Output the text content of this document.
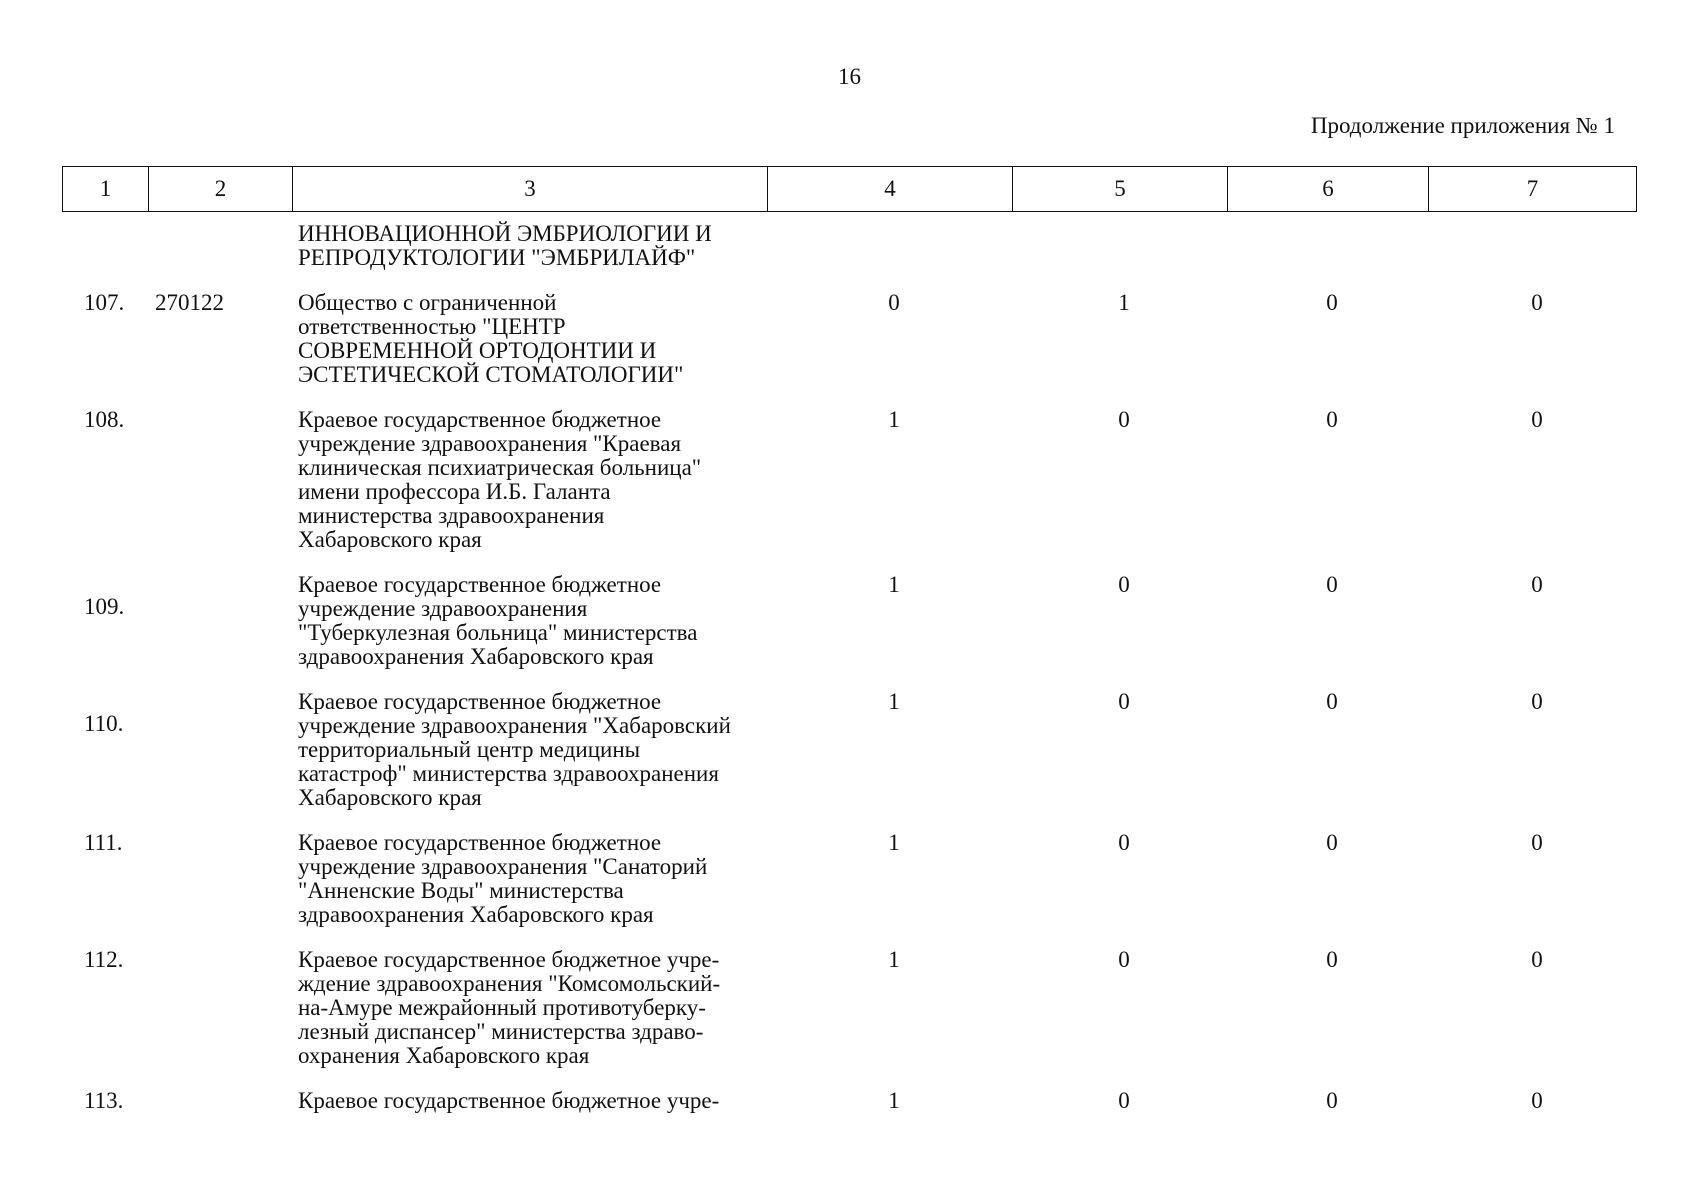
16
Продолжение приложения № 1
1	2	3	4	5	6	7
ИННОВАЦИОННОЙ ЭМБРИОЛОГИИ И
РЕПРОДУКТОЛОГИИ "ЭМБРИЛАЙФ"
107. 270122	Общество с ограниченной
ответственностью "ЦЕНТР
СОВРЕМЕННОЙ ОРТОДОНТИИ И
ЭСТЕТИЧЕСКОЙ СТОМАТОЛОГИИ"
0	1	0	0
108.	Краевое государственное бюджетное
учреждение здравоохранения "Краевая
клиническая психиатрическая больница"
имени профессора И.Б. Галанта
министерства здравоохранения
Хабаровского края
1	0	0	0
109.
Краевое государственное бюджетное
учреждение здравоохранения
"Туберкулезная больница" министерства
здравоохранения Хабаровского края
1	0	0	0
110.
Краевое государственное бюджетное
учреждение здравоохранения "Хабаровский
территориальный центр медицины
катастроф" министерства здравоохранения
Хабаровского края
1	0	0	0
111.	Краевое государственное бюджетное
учреждение здравоохранения "Санаторий
"Анненские Воды" министерства
здравоохранения Хабаровского края
1	0	0	0
112.	Краевое государственное бюджетное учре-
ждение здравоохранения "Комсомольский-
на-Амуре межрайонный противотуберку-
лезный диспансер" министерства здраво-
охранения Хабаровского края
1	0	0	0
113.	Краевое государственное бюджетное учре-	1	0	0	0
